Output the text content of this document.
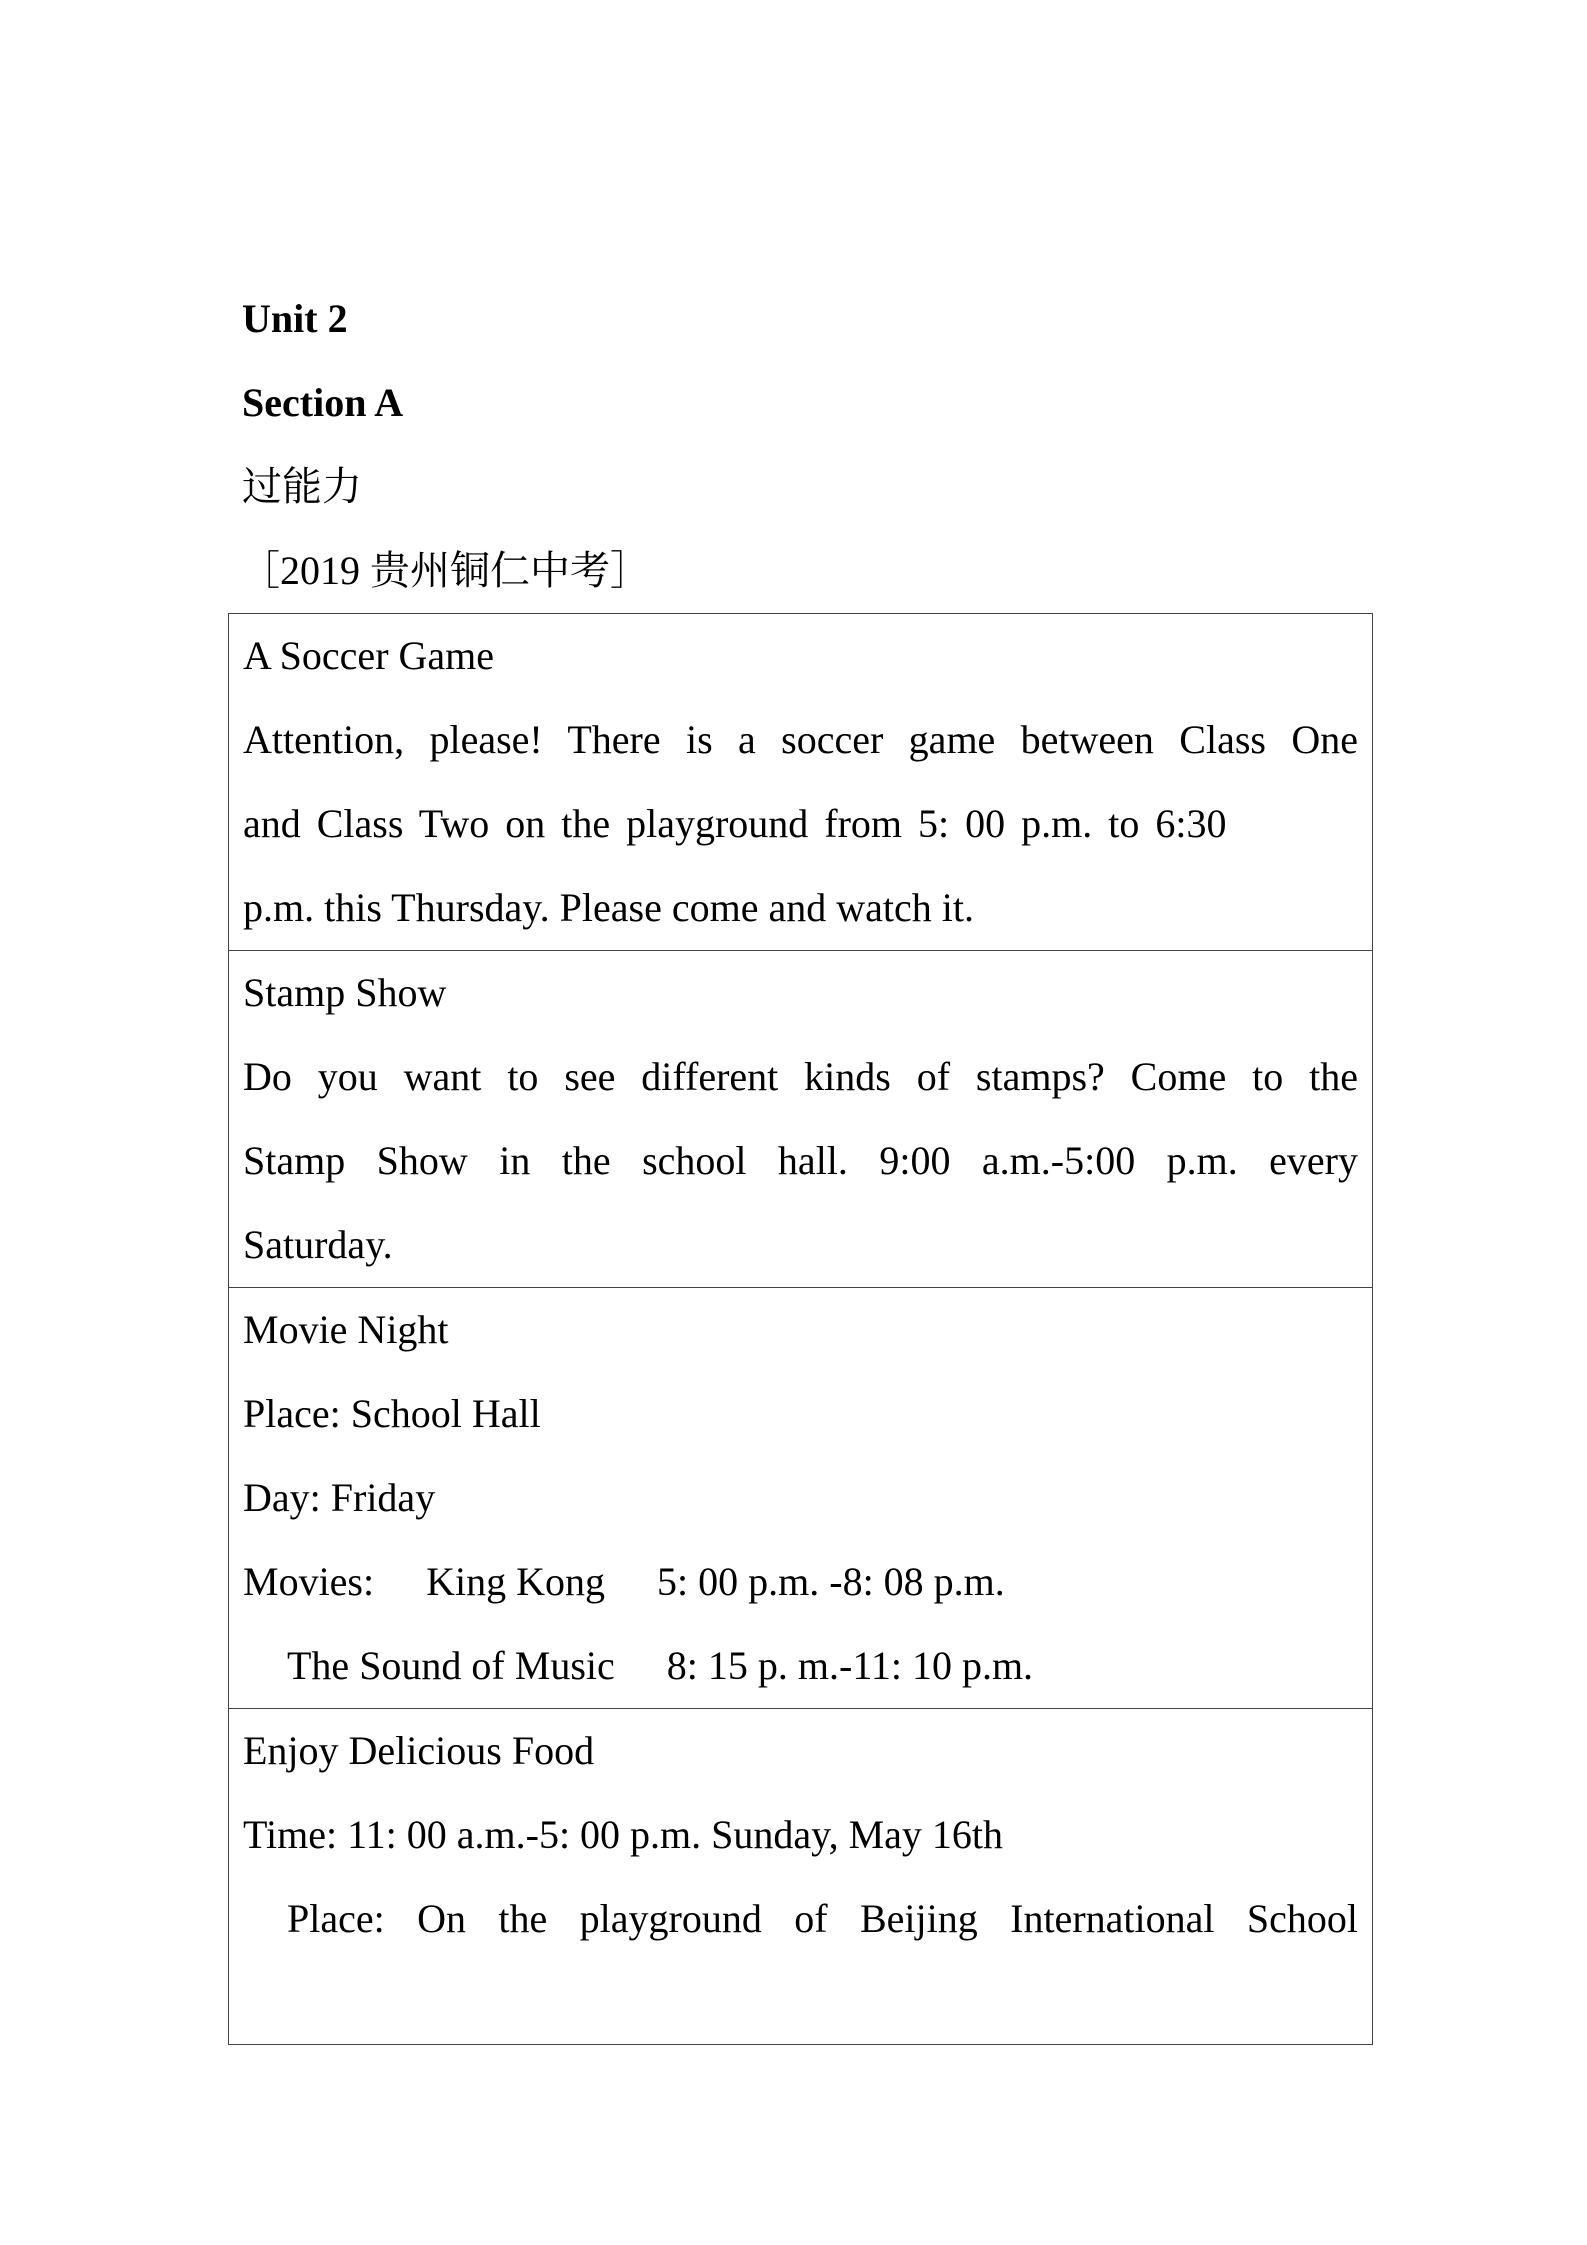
Unit 2
Section A
过能力
［2019 贵州铜仁中考］
A Soccer Game
Attention, please! There is a soccer game between Class One
and Class Two on the playground from 5: 00 p.m. to 6:30
p.m. this Thursday. Please come and watch it.

Stamp Show
Do you want to see different kinds of stamps? Come to the
Stamp Show in the school hall. 9:00 a.m.-5:00 p.m. every
Saturday.

Movie Night
Place: School Hall
Day: Friday
Movies: King Kong 5: 00 p.m. -8: 08 p.m.
The Sound of Music 8: 15 p. m.-11: 10 p.m.

Enjoy Delicious Food
Time: 11: 00 a.m.-5: 00 p.m. Sunday, May 16th
Place: On the playground of Beijing International School
